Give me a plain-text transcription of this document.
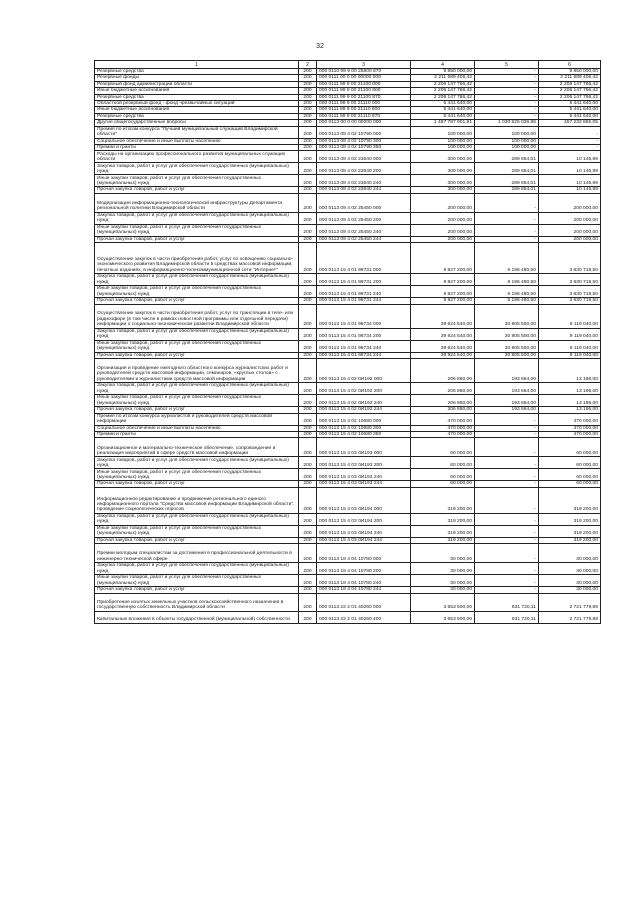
32
1	2	3	4	5	6
Резервные средства	200	000 0110 99 9 00 25800 870	9 850 000,00	-	9 850 000,00
Резервные фонды	200	000 0111 00 0 00 00000 000	2 211 589 406,42	-	2 211 589 406,42
Резервный фонд администрации области	200	000 0111 99 9 00 21100 000	2 206 147 766,42	-	2 206 147 766,42
Иные бюджетные ассигнования	200	000 0111 99 9 00 21100 800	2 206 147 766,42	-	2 206 147 766,42
Резервные средства	200	000 0111 99 9 00 21100 870	2 206 147 766,42	-	2 206 147 766,42
Областной резервный фонд - фонд чрезвычайных ситуаций	200	000 0111 99 9 00 21110 000	5 441 640,00	-	5 441 640,00
Иные бюджетные ассигнования	200	000 0111 99 9 00 21110 800	5 441 640,00	-	5 441 640,00
Резервные средства	200	000 0111 99 9 00 21110 870	5 441 640,00	-	5 441 640,00
Другие общегосударственные вопросы	200	000 0113 00 0 00 00000 000	1 487 787 901,91	1 030 525 036,86	457 232 865,05
Премия по итогам конкурса "Лучший муниципальный служащий Владимирской области"	200	000 0113 08 4 02 10790 000	100 000,00	100 000,00	-
Социальное обеспечение и иные выплаты населению	200	000 0113 08 4 02 10790 300	100 000,00	100 000,00	-
Премии и гранты	200	000 0113 08 4 02 10790 350	100 000,00	100 000,00	-
Расходы на организацию профессионального развития муниципальных служащих области	200	000 0113 08 4 02 23640 000	300 000,00	289 854,01	10 145,99
Закупка товаров, работ и услуг для обеспечения государственных (муниципальных) нужд	200	000 0113 08 4 02 23640 200	300 000,00	289 854,01	10 145,99
Иные закупки товаров, работ и услуг для обеспечения государственных (муниципальных) нужд	200	000 0113 08 4 02 23640 240	300 000,00	289 854,01	10 145,99
Прочая закупка товаров, работ и услуг	200	000 0113 08 4 02 23640 244	300 000,00	289 854,01	10 145,99
Модернизация информационно-технологической инфраструктуры Департамента региональной политики Владимирской области	200	000 0113 09 4 02 25450 000	200 000,00	-	200 000,00
Закупка товаров, работ и услуг для обеспечения государственных (муниципальных) нужд	200	000 0113 09 4 02 25450 200	200 000,00	-	200 000,00
Иные закупки товаров, работ и услуг для обеспечения государственных (муниципальных) нужд	200	000 0113 09 4 02 25450 240	200 000,00	-	200 000,00
Прочая закупка товаров, работ и услуг	200	000 0113 09 4 02 25450 244	200 000,00	-	200 000,00
Осуществление закупок в части приобретения работ, услуг по освещению социально-экономического развития Владимирской области в средствах массовой информации, печатных изданиях, в информационно-телекоммуникационной сети "Интернет"	200	000 0113 15 4 01 98731 000	9 827 200,00	6 196 480,50	3 630 719,50
Закупка товаров, работ и услуг для обеспечения государственных (муниципальных) нужд	200	000 0113 15 4 01 98731 200	9 827 200,00	6 196 480,50	3 630 719,50
Иные закупки товаров, работ и услуг для обеспечения государственных (муниципальных) нужд	200	000 0113 15 4 01 98731 240	9 827 200,00	6 196 480,50	3 630 719,50
Прочая закупка товаров, работ и услуг	200	000 0113 15 4 01 98731 244	9 827 200,00	6 196 480,50	3 630 719,50
Осуществление закупок в части приобретения работ, услуг по трансляции в теле- или радиоэфире (в том числе в рамках новостной программы или отдельной передачи) информации о социально-экономическом развитии Владимирской области	200	000 0113 15 4 01 98734 000	39 924 540,00	30 805 500,00	9 119 040,00
Закупка товаров, работ и услуг для обеспечения государственных (муниципальных) нужд	200	000 0113 15 4 01 98734 200	39 924 540,00	30 805 500,00	9 119 040,00
Иные закупки товаров, работ и услуг для обеспечения государственных (муниципальных) нужд	200	000 0113 15 4 01 98734 240	39 924 540,00	30 805 500,00	9 119 040,00
Прочая закупка товаров, работ и услуг	200	000 0113 15 4 01 98734 244	39 924 540,00	30 805 500,00	9 119 040,00
Организация и проведение ежегодного областного конкурса журналистских работ и руководителей средств массовой информации, семинаров, «круглых столов» с руководителями и журналистами средств массовой информации	200	000 0113 15 4 02 0И192 000	206 860,00	193 664,00	13 196,00
Закупка товаров, работ и услуг для обеспечения государственных (муниципальных) нужд	200	000 0113 15 4 02 0И192 200	206 860,00	193 664,00	13 196,00
Иные закупки товаров, работ и услуг для обеспечения государственных (муниципальных) нужд	200	000 0113 15 4 02 0И192 240	206 860,00	193 664,00	13 196,00
Прочая закупка товаров, работ и услуг	200	000 0113 15 4 02 0И192 244	206 860,00	193 664,00	13 196,00
Премия по итогам конкурса журналистов и руководителей средств массовой информации	200	000 0113 15 4 02 10680 000	470 000,00	-	470 000,00
Социальное обеспечение и иные выплаты населению	200	000 0113 15 4 02 10680 300	470 000,00	-	470 000,00
Премии и гранты	200	000 0113 15 4 02 10680 350	470 000,00	-	470 000,00
Организационное и материально-техническое обеспечение, сопровождение и реализация мероприятий в сфере средств массовой информации	200	000 0113 15 4 03 0И193 000	60 000,00	-	60 000,00
Закупка товаров, работ и услуг для обеспечения государственных (муниципальных) нужд	200	000 0113 15 4 03 0И193 200	60 000,00	-	60 000,00
Иные закупки товаров, работ и услуг для обеспечения государственных (муниципальных) нужд	200	000 0113 15 4 03 0И193 240	60 000,00	-	60 000,00
Прочая закупка товаров, работ и услуг	200	000 0113 15 4 03 0И193 244	60 000,00	-	60 000,00
Информационное редактирование и продвижение регионального единого информационного портала "Средства массовой информации Владимирской области", проведение социологических опросов	200	000 0113 15 4 03 0И194 000	319 200,00	-	319 200,00
Закупка товаров, работ и услуг для обеспечения государственных (муниципальных) нужд	200	000 0113 15 4 03 0И194 200	319 200,00	-	319 200,00
Иные закупки товаров, работ и услуг для обеспечения государственных (муниципальных) нужд	200	000 0113 15 4 03 0И194 240	319 200,00	-	319 200,00
Прочая закупка товаров, работ и услуг	200	000 0113 15 4 03 0И194 244	319 200,00	-	319 200,00
Премии молодым специалистам за достижения в профессиональной деятельности в инженерно-технической сфере	200	000 0113 18 4 04 10780 000	30 000,00	-	30 000,00
Закупка товаров, работ и услуг для обеспечения государственных (муниципальных) нужд	200	000 0113 18 4 04 10780 200	30 000,00	-	30 000,00
Иные закупки товаров, работ и услуг для обеспечения государственных (муниципальных) нужд	200	000 0113 18 4 04 10780 240	30 000,00	-	30 000,00
Прочая закупка товаров, работ и услуг	200	000 0113 18 4 04 10780 244	30 000,00	-	30 000,00
Приобретение изъятых земельных участков сельскохозяйственного назначения в государственную собственность Владимирской области	200	000 0113 22 2 01 40260 000	3 553 500,00	831 720,11	2 721 779,89
Капитальные вложения в объекты государственной (муниципальной) собственности	200	000 0113 22 2 01 40260 400	3 553 500,00	831 720,11	2 721 779,89
